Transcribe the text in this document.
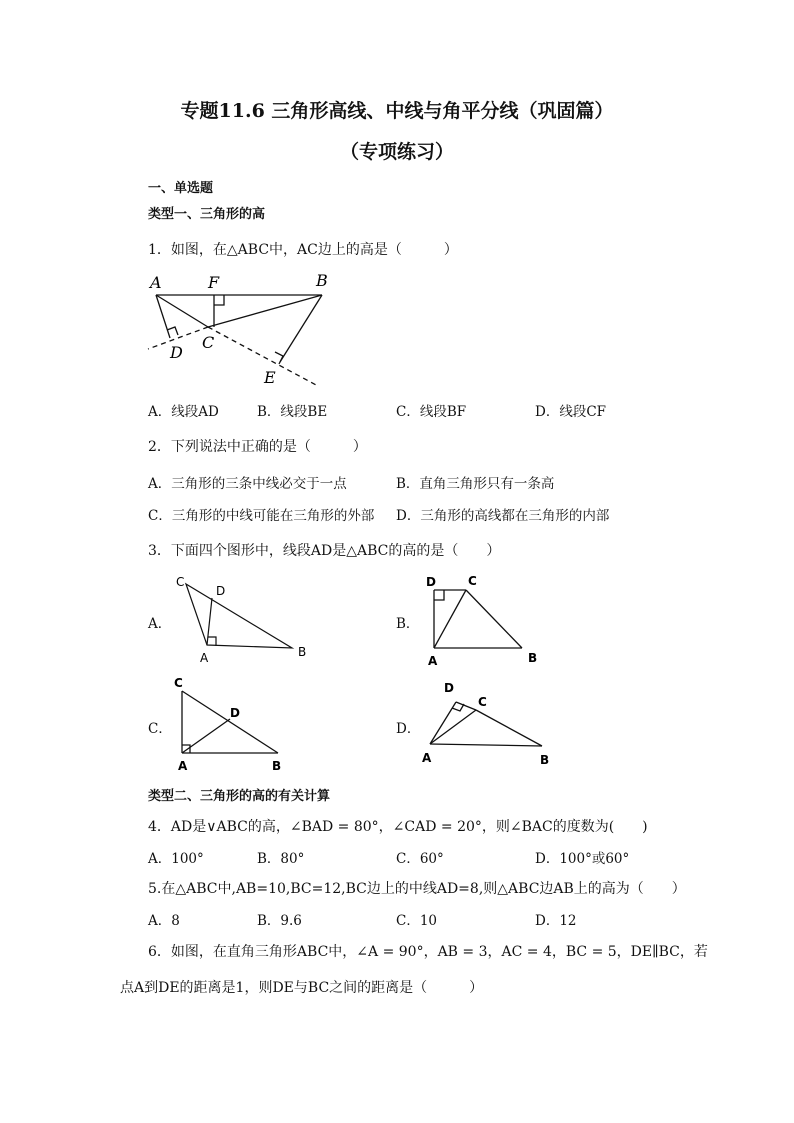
专题11.6 三角形高线、中线与角平分线（巩固篇）
（专项练习）
一、单选题
类型一、三角形的高
1．如图，在△ABC中，AC边上的高是（　　　）
A	F	B
D
C
E
A．线段AD	B．线段BE	C．线段BF	D．线段CF
2．下列说法中正确的是（　　　）
A．三角形的三条中线必交于一点	B．直角三角形只有一条高
C．三角形的中线可能在三角形的外部 D．三角形的高线都在三角形的内部
3．下面四个图形中，线段AD是△ABC的高的是（　　）
A．
C
D
A	B
B．
D	C
A	B
C．
C
D
A	B
D．
D
C
A	B
类型二、三角形的高的有关计算
4．AD是∨ABC的高，∠BAD = 80°，∠CAD = 20°，则∠BAC的度数为(　　)
A．100°	B．80°	C．60°	D．100°或60°
5.在△ABC中,AB=10,BC=12,BC边上的中线AD=8,则△ABC边AB上的高为（　　）
A．8	B．9.6	C．10	D．12
6．如图，在直角三角形ABC中，∠A = 90°，AB = 3，AC = 4，BC = 5，DE∥BC，若
点A到DE的距离是1，则DE与BC之间的距离是（　　　）
